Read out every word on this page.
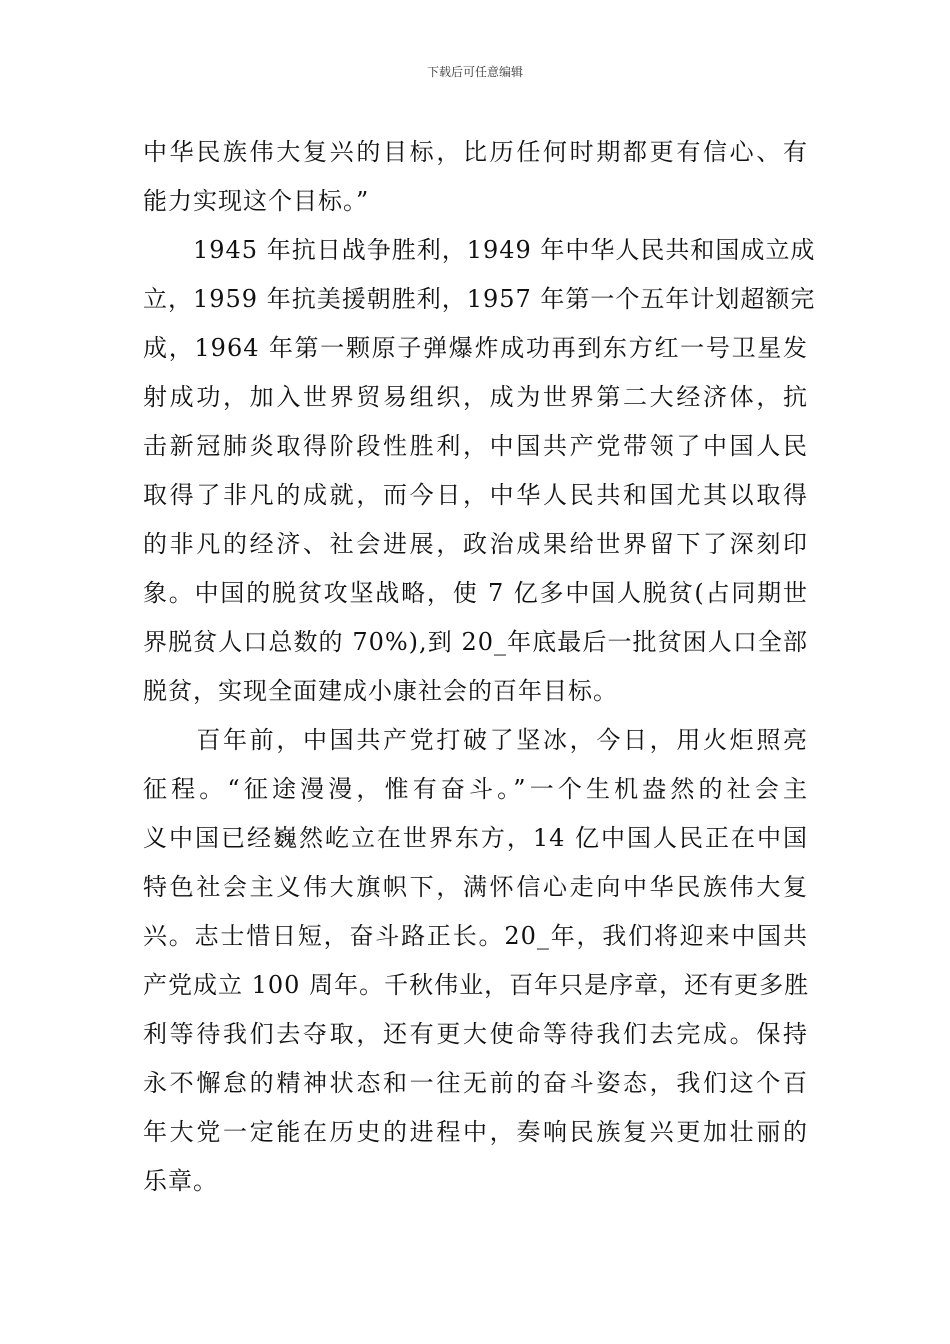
下载后可任意编辑
中华民族伟大复兴的目标，比历任何时期都更有信心、有
能力实现这个目标。”
　　1945 年抗日战争胜利，1949 年中华人民共和国成立成
立，1959 年抗美援朝胜利，1957 年第一个五年计划超额完
成，1964 年第一颗原子弹爆炸成功再到东方红一号卫星发
射成功，加入世界贸易组织，成为世界第二大经济体，抗
击新冠肺炎取得阶段性胜利，中国共产党带领了中国人民
取得了非凡的成就，而今日，中华人民共和国尤其以取得
的非凡的经济、社会进展，政治成果给世界留下了深刻印
象。中国的脱贫攻坚战略，使 7 亿多中国人脱贫(占同期世
界脱贫人口总数的 70%),到 20_年底最后一批贫困人口全部
脱贫，实现全面建成小康社会的百年目标。
　　百年前，中国共产党打破了坚冰，今日，用火炬照亮
征程。“征途漫漫，惟有奋斗。”一个生机盎然的社会主
义中国已经巍然屹立在世界东方，14 亿中国人民正在中国
特色社会主义伟大旗帜下，满怀信心走向中华民族伟大复
兴。志士惜日短，奋斗路正长。20_年，我们将迎来中国共
产党成立 100 周年。千秋伟业，百年只是序章，还有更多胜
利等待我们去夺取，还有更大使命等待我们去完成。保持
永不懈怠的精神状态和一往无前的奋斗姿态，我们这个百
年大党一定能在历史的进程中，奏响民族复兴更加壮丽的
乐章。
